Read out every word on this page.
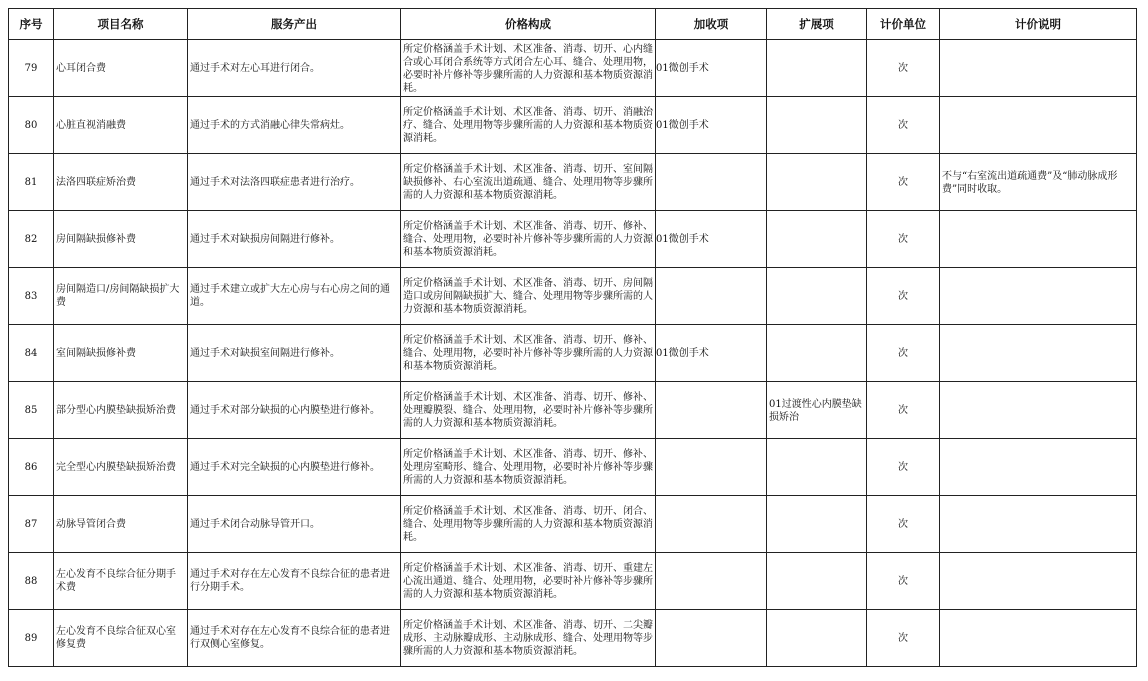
序号	项目名称	服务产出	价格构成	加收项	扩展项	计价单位	计价说明
79	心耳闭合费	通过手术对左心耳进行闭合。	所定价格涵盖手术计划、术区准备、消毒、切开、心内缝合或心耳闭合系统等方式闭合左心耳、缝合、处理用物，必要时补片修补等步骤所需的人力资源和基本物质资源消耗。	01微创手术		次	
80	心脏直视消融费	通过手术的方式消融心律失常病灶。	所定价格涵盖手术计划、术区准备、消毒、切开、消融治疗、缝合、处理用物等步骤所需的人力资源和基本物质资源消耗。	01微创手术		次	
81	法洛四联症矫治费	通过手术对法洛四联症患者进行治疗。	所定价格涵盖手术计划、术区准备、消毒、切开、室间隔缺损修补、右心室流出道疏通、缝合、处理用物等步骤所需的人力资源和基本物质资源消耗。			次	不与“右室流出道疏通费”及“肺动脉成形费”同时收取。
82	房间隔缺损修补费	通过手术对缺损房间隔进行修补。	所定价格涵盖手术计划、术区准备、消毒、切开、修补、缝合、处理用物，必要时补片修补等步骤所需的人力资源和基本物质资源消耗。	01微创手术		次	
83	房间隔造口/房间隔缺损扩大费	通过手术建立或扩大左心房与右心房之间的通道。	所定价格涵盖手术计划、术区准备、消毒、切开、房间隔造口或房间隔缺损扩大、缝合、处理用物等步骤所需的人力资源和基本物质资源消耗。			次	
84	室间隔缺损修补费	通过手术对缺损室间隔进行修补。	所定价格涵盖手术计划、术区准备、消毒、切开、修补、缝合、处理用物，必要时补片修补等步骤所需的人力资源和基本物质资源消耗。	01微创手术		次	
85	部分型心内膜垫缺损矫治费	通过手术对部分缺损的心内膜垫进行修补。	所定价格涵盖手术计划、术区准备、消毒、切开、修补、处理瓣膜裂、缝合、处理用物，必要时补片修补等步骤所需的人力资源和基本物质资源消耗。		01过渡性心内膜垫缺损矫治	次	
86	完全型心内膜垫缺损矫治费	通过手术对完全缺损的心内膜垫进行修补。	所定价格涵盖手术计划、术区准备、消毒、切开、修补、处理房室畸形、缝合、处理用物，必要时补片修补等步骤所需的人力资源和基本物质资源消耗。			次	
87	动脉导管闭合费	通过手术闭合动脉导管开口。	所定价格涵盖手术计划、术区准备、消毒、切开、闭合、缝合、处理用物等步骤所需的人力资源和基本物质资源消耗。			次	
88	左心发育不良综合征分期手术费	通过手术对存在左心发育不良综合征的患者进行分期手术。	所定价格涵盖手术计划、术区准备、消毒、切开、重建左心流出通道、缝合、处理用物，必要时补片修补等步骤所需的人力资源和基本物质资源消耗。			次	
89	左心发育不良综合征双心室修复费	通过手术对存在左心发育不良综合征的患者进行双侧心室修复。	所定价格涵盖手术计划、术区准备、消毒、切开、二尖瓣成形、主动脉瓣成形、主动脉成形、缝合、处理用物等步骤所需的人力资源和基本物质资源消耗。			次	
